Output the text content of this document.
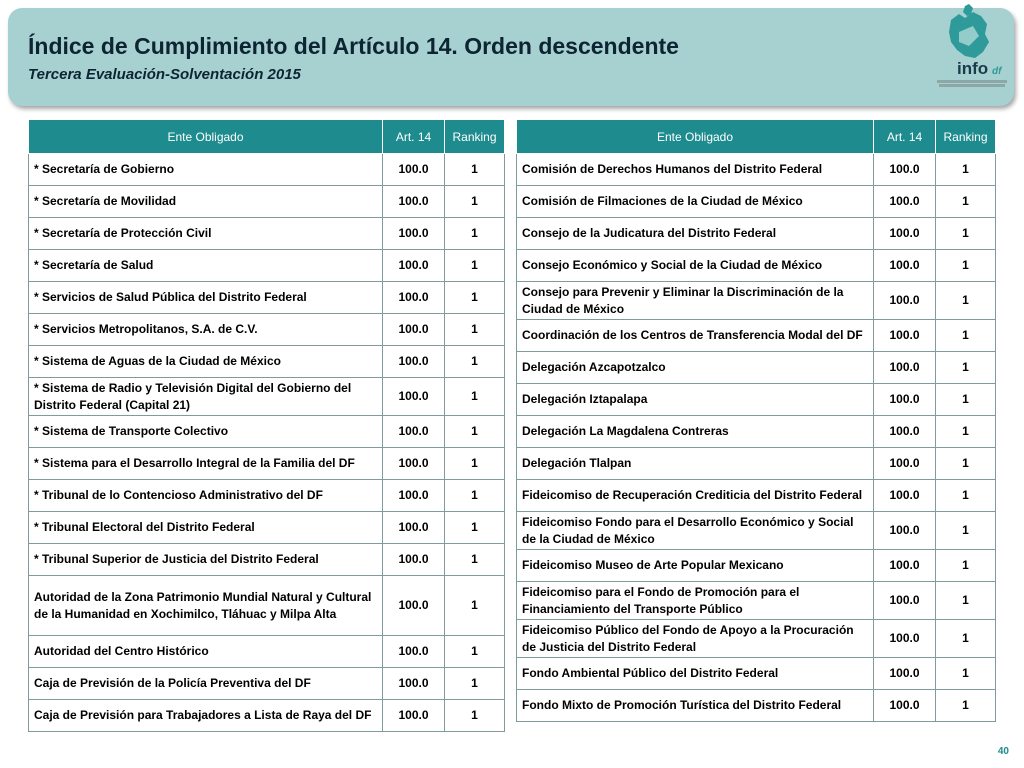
Índice de Cumplimiento del Artículo 14. Orden descendente
Tercera Evaluación-Solventación 2015	info df
Ente Obligado	Art. 14	Ranking
* Secretaría de Gobierno	100.0	1
* Secretaría de Movilidad	100.0	1
* Secretaría de Protección Civil	100.0	1
* Secretaría de Salud	100.0	1
* Servicios de Salud Pública del Distrito Federal	100.0	1
* Servicios Metropolitanos, S.A. de C.V.	100.0	1
* Sistema de Aguas de la Ciudad de México	100.0	1
* Sistema de Radio y Televisión Digital del Gobierno del Distrito Federal (Capital 21)	100.0	1
* Sistema de Transporte Colectivo	100.0	1
* Sistema para el Desarrollo Integral de la Familia del DF	100.0	1
* Tribunal de lo Contencioso Administrativo del DF	100.0	1
* Tribunal Electoral del Distrito Federal	100.0	1
* Tribunal Superior de Justicia del Distrito Federal	100.0	1
Autoridad de la Zona Patrimonio Mundial Natural y Cultural de la Humanidad en Xochimilco, Tláhuac y Milpa Alta	100.0	1
Autoridad del Centro Histórico	100.0	1
Caja de Previsión de la Policía Preventiva del DF	100.0	1
Caja de Previsión para Trabajadores a Lista de Raya del DF	100.0	1
Ente Obligado	Art. 14	Ranking
Comisión de Derechos Humanos del Distrito Federal	100.0	1
Comisión de Filmaciones de la Ciudad de México	100.0	1
Consejo de la Judicatura del Distrito Federal	100.0	1
Consejo Económico y Social de la Ciudad de México	100.0	1
Consejo para Prevenir y Eliminar la Discriminación de la Ciudad de México	100.0	1
Coordinación de los Centros de Transferencia Modal del DF	100.0	1
Delegación Azcapotzalco	100.0	1
Delegación Iztapalapa	100.0	1
Delegación La Magdalena Contreras	100.0	1
Delegación Tlalpan	100.0	1
Fideicomiso de Recuperación Crediticia del Distrito Federal	100.0	1
Fideicomiso Fondo para el Desarrollo Económico y Social de la Ciudad de México	100.0	1
Fideicomiso Museo de Arte Popular Mexicano	100.0	1
Fideicomiso para el Fondo de Promoción para el Financiamiento del Transporte Público	100.0	1
Fideicomiso Público del Fondo de Apoyo a la Procuración de Justicia del Distrito Federal	100.0	1
Fondo Ambiental Público del Distrito Federal	100.0	1
Fondo Mixto de Promoción Turística del Distrito Federal	100.0	1
40
